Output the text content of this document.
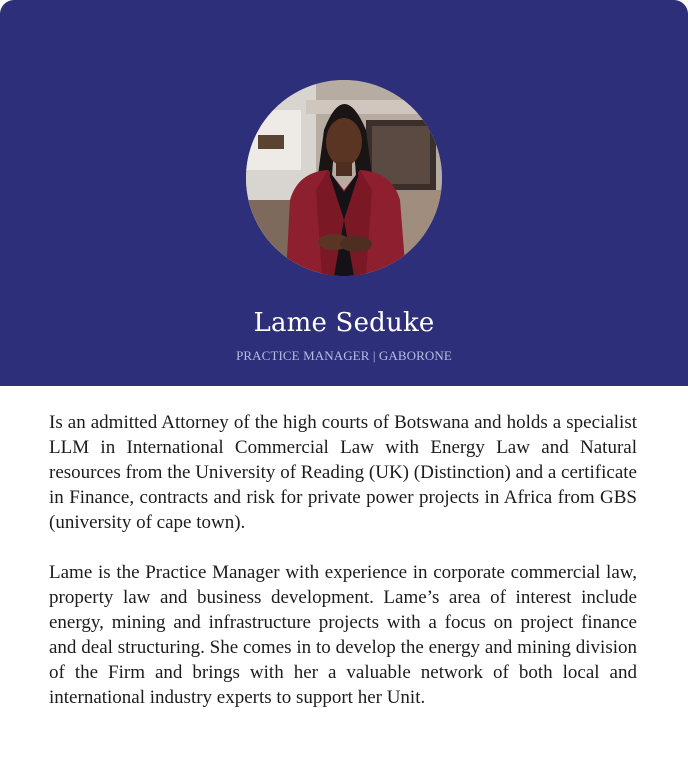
Lame Seduke
PRACTICE MANAGER | GABORONE

Is an admitted Attorney of the high courts of Botswana and holds a specialist LLM in International Commercial Law with Energy Law and Natural resources from the University of Reading (UK) (Distinction) and a certificate in Finance, contracts and risk for private power projects in Africa from GBS (university of cape town).

Lame is the Practice Manager with experience in corporate commercial law, property law and business development. Lame’s area of interest include energy, mining and infrastructure projects with a focus on project finance and deal structuring. She comes in to develop the energy and mining division of the Firm and brings with her a valuable network of both local and international industry experts to support her Unit.
